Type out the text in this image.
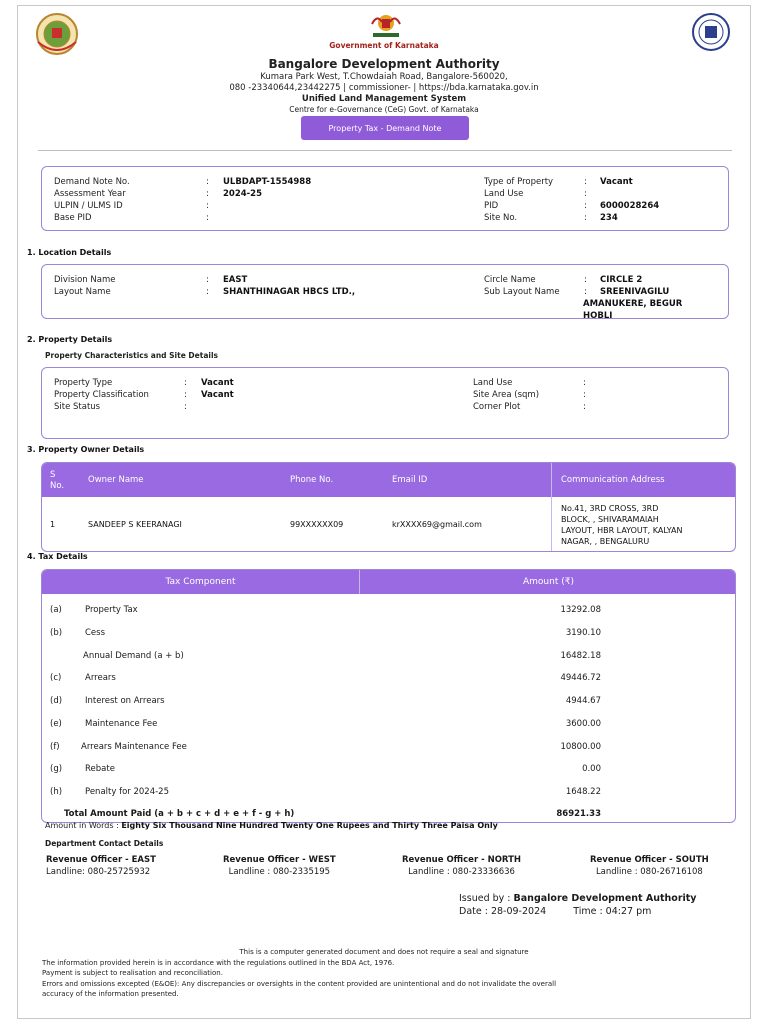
Government of Karnataka
Bangalore Development Authority
Kumara Park West, T.Chowdaiah Road, Bangalore-560020,
080 -23340644,23442275 | commissioner- | https://bda.karnataka.gov.in
Unified Land Management System
Centre for e-Governance (CeG) Govt. of Karnataka
Property Tax - Demand Note
Demand Note No.	: ULBDAPT-1554988
Assessment Year	: 2024-25
ULPIN / ULMS ID	:
Base PID	:
Type of Property	: Vacant
Land Use	:
PID	: 6000028264
Site No.	: 234
1. Location Details
Division Name	: EAST
Layout Name	: SHANTHINAGAR HBCS LTD.,
Circle Name	: CIRCLE 2
Sub Layout Name	: SREENIVAGILU
AMANUKERE, BEGUR
HOBLI
2. Property Details
Property Characteristics and Site Details
Property Type	: Vacant
Property Classification	: Vacant
Site Status	:
Land Use	:
Site Area (sqm)	:
Corner Plot	:
3. Property Owner Details
S
No.
Owner Name	Phone No.	Email ID	Communication Address
1	SANDEEP S KEERANAGI	99XXXXXX09	krXXXX69@gmail.com
No.41, 3RD CROSS, 3RD
BLOCK, , SHIVARAMAIAH
LAYOUT, HBR LAYOUT, KALYAN
NAGAR, , BENGALURU
4. Tax Details
Tax Component	Amount (₹)
(a)	Property Tax	13292.08
(b)	Cess	3190.10
Annual Demand (a + b)	16482.18
(c)	Arrears	49446.72
(d)	Interest on Arrears	4944.67
(e)	Maintenance Fee	3600.00
(f)	Arrears Maintenance Fee	10800.00
(g)	Rebate	0.00
(h)	Penalty for 2024-25	1648.22
Total Amount Paid (a + b + c + d + e + f - g + h)	86921.33
Amount in Words : Eighty Six Thousand Nine Hundred Twenty One Rupees and Thirty Three Paisa Only
Department Contact Details
Revenue Officer - EAST
Landline: 080-25725932
Revenue Officer - WEST
Landline : 080-2335195
Revenue Officer - NORTH
Landline : 080-23336636
Revenue Officer - SOUTH
Landline : 080-26716108
Issued by : Bangalore Development Authority
Date : 28-09-2024	Time : 04:27 pm
This is a computer generated document and does not require a seal and signature
The information provided herein is in accordance with the regulations outlined in the BDA Act, 1976.
Payment is subject to realisation and reconciliation.
Errors and omissions excepted (E&OE): Any discrepancies or oversights in the content provided are unintentional and do not invalidate the overall
accuracy of the information presented.
